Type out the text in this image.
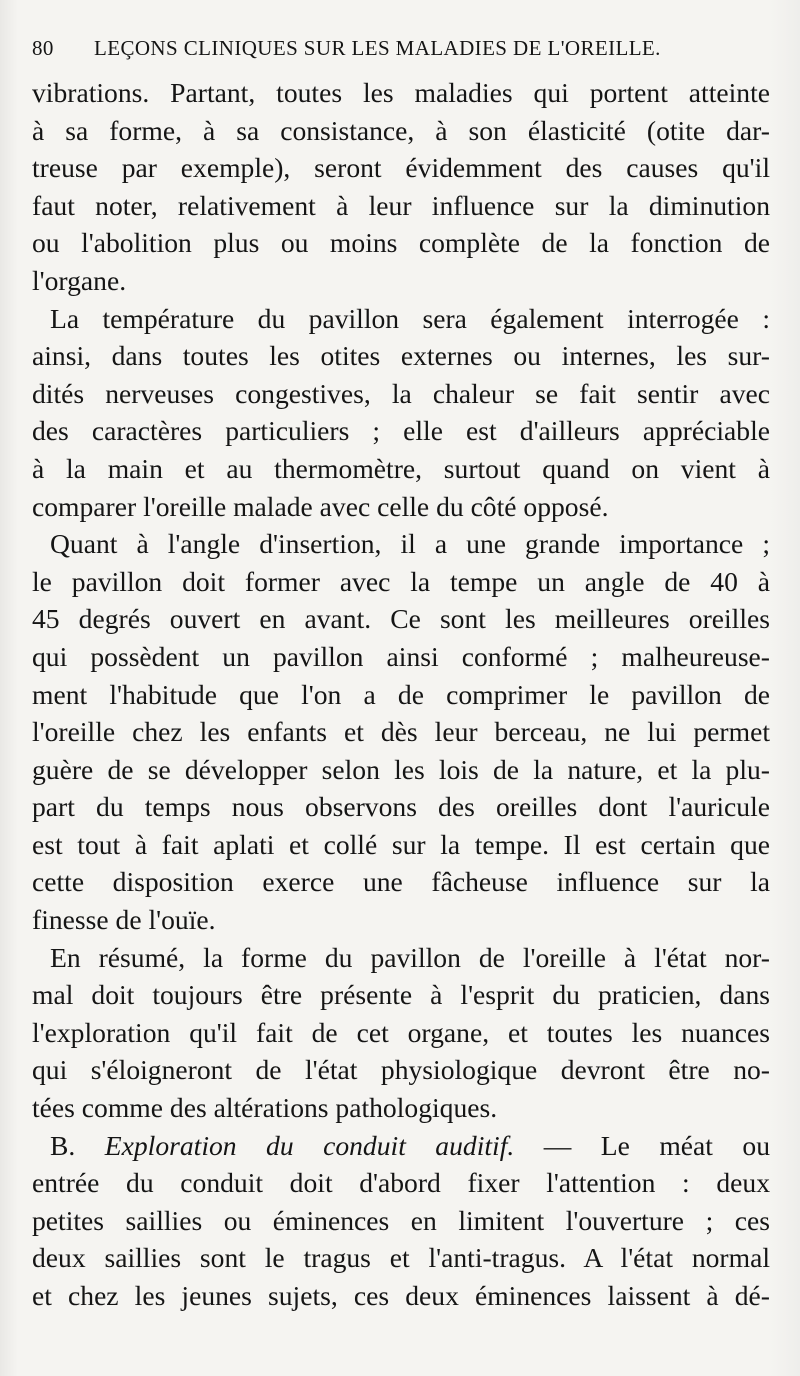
80	LEÇONS CLINIQUES SUR LES MALADIES DE L'OREILLE.

vibrations. Partant, toutes les maladies qui portent atteinte
à sa forme, à sa consistance, à son élasticité (otite dar-
treuse par exemple), seront évidemment des causes qu'il
faut noter, relativement à leur influence sur la diminution
ou l'abolition plus ou moins complète de la fonction de
l'organe.

La température du pavillon sera également interrogée :
ainsi, dans toutes les otites externes ou internes, les sur-
dités nerveuses congestives, la chaleur se fait sentir avec
des caractères particuliers ; elle est d'ailleurs appréciable
à la main et au thermomètre, surtout quand on vient à
comparer l'oreille malade avec celle du côté opposé.

Quant à l'angle d'insertion, il a une grande importance ;
le pavillon doit former avec la tempe un angle de 40 à
45 degrés ouvert en avant. Ce sont les meilleures oreilles
qui possèdent un pavillon ainsi conformé ; malheureuse-
ment l'habitude que l'on a de comprimer le pavillon de
l'oreille chez les enfants et dès leur berceau, ne lui permet
guère de se développer selon les lois de la nature, et la plu-
part du temps nous observons des oreilles dont l'auricule
est tout à fait aplati et collé sur la tempe. Il est certain que
cette disposition exerce une fâcheuse influence sur la
finesse de l'ouïe.

En résumé, la forme du pavillon de l'oreille à l'état nor-
mal doit toujours être présente à l'esprit du praticien, dans
l'exploration qu'il fait de cet organe, et toutes les nuances
qui s'éloigneront de l'état physiologique devront être no-
tées comme des altérations pathologiques.

B. Exploration du conduit auditif. — Le méat ou
entrée du conduit doit d'abord fixer l'attention : deux
petites saillies ou éminences en limitent l'ouverture ; ces
deux saillies sont le tragus et l'anti-tragus. A l'état normal
et chez les jeunes sujets, ces deux éminences laissent à dé-
